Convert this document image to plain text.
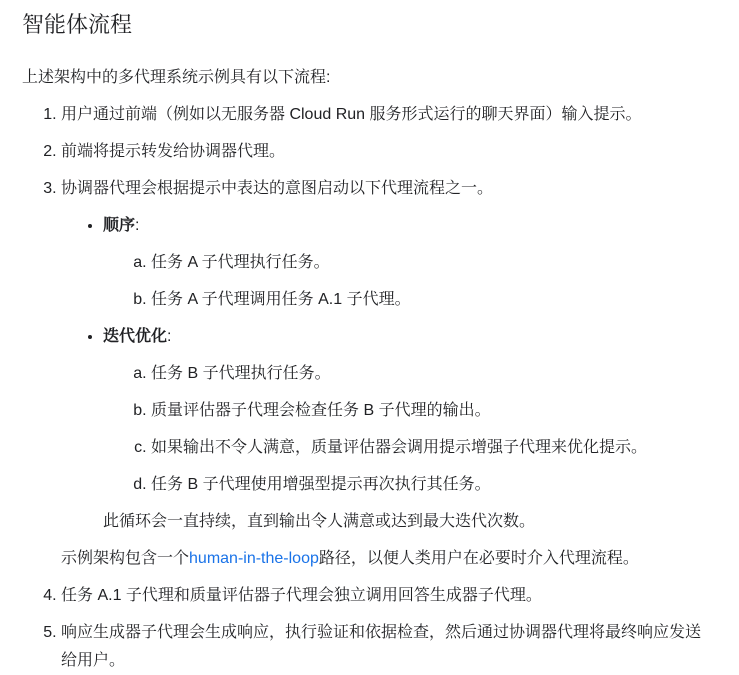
智能体流程

上述架构中的多代理系统示例具有以下流程:

1. 用户通过前端（例如以无服务器 Cloud Run 服务形式运行的聊天界面）输入提示。
2. 前端将提示转发给协调器代理。
3. 协调器代理会根据提示中表达的意图启动以下代理流程之一。
• 顺序:
a. 任务 A 子代理执行任务。
b. 任务 A 子代理调用任务 A.1 子代理。
• 迭代优化:
a. 任务 B 子代理执行任务。
b. 质量评估器子代理会检查任务 B 子代理的输出。
c. 如果输出不令人满意，质量评估器会调用提示增强子代理来优化提示。
d. 任务 B 子代理使用增强型提示再次执行其任务。

此循环会一直持续，直到输出令人满意或达到最大迭代次数。

示例架构包含一个human-in-the-loop路径，以便人类用户在必要时介入代理流程。

4. 任务 A.1 子代理和质量评估器子代理会独立调用回答生成器子代理。
5. 响应生成器子代理会生成响应，执行验证和依据检查，然后通过协调器代理将最终响应发送给用户。
